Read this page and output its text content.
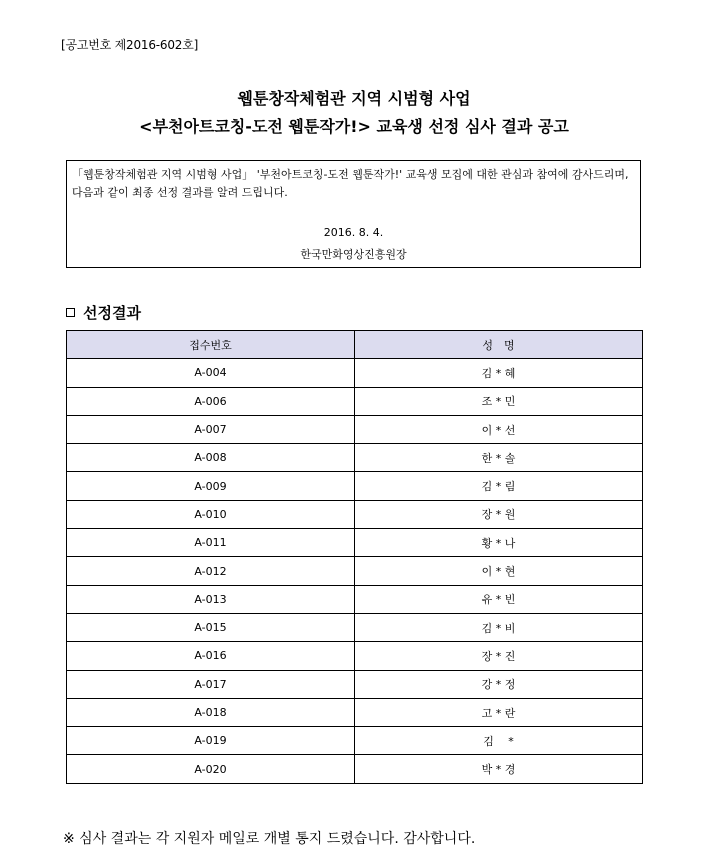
[공고번호 제2016-602호]
웹툰창작체험관 지역 시범형 사업
<부천아트코칭-도전 웹툰작가!> 교육생 선정 심사 결과 공고
「웹툰창작체험관 지역 시범형 사업」 '부천아트코칭-도전 웹툰작가!' 교육생 모집에 대한 관심과 참여에 감사드리며, 다음과 같이 최종 선정 결과를 알려 드립니다.
2016. 8. 4.
한국만화영상진흥원장
선정결과
접수번호	성　명
A-004	김 * 혜
A-006	조 * 민
A-007	이 * 선
A-008	한 * 솔
A-009	김 * 림
A-010	장 * 원
A-011	황 * 나
A-012	이 * 현
A-013	유 * 빈
A-015	김 * 비
A-016	장 * 진
A-017	강 * 정
A-018	고 * 란
A-019	김　 *
A-020	박 * 경
※ 심사 결과는 각 지원자 메일로 개별 통지 드렸습니다. 감사합니다.
